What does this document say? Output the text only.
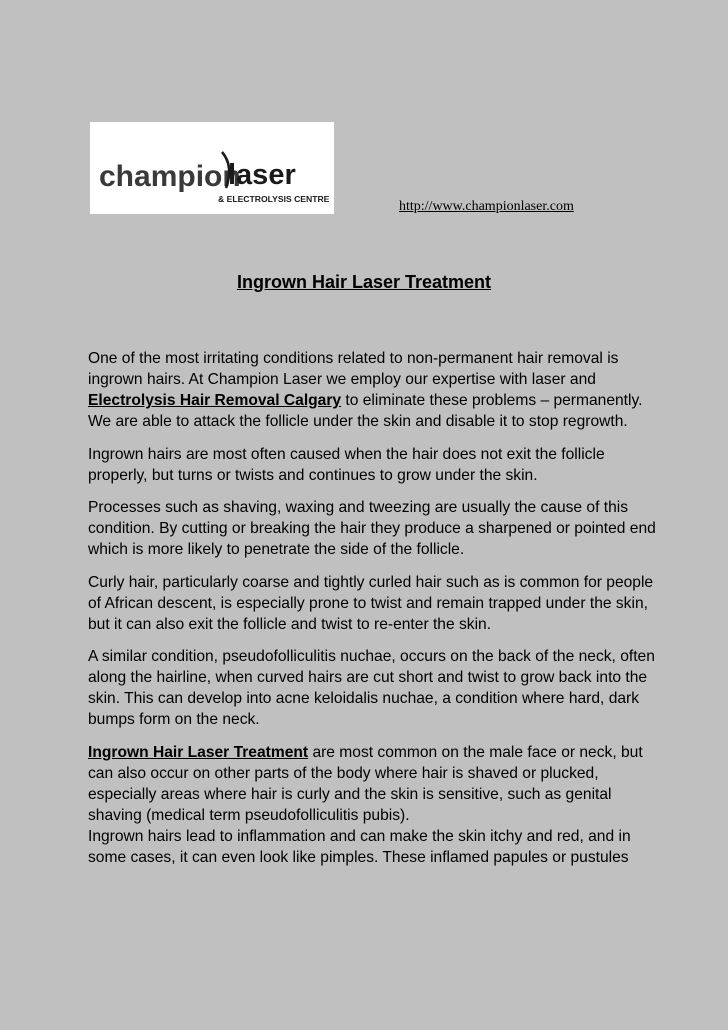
champion
laser
& ELECTROLYSIS CENTRE	http://www.championlaser.com
Ingrown Hair Laser Treatment

One of the most irritating conditions related to non-permanent hair removal is ingrown hairs. At Champion Laser we employ our expertise with laser and Electrolysis Hair Removal Calgary to eliminate these problems – permanently. We are able to attack the follicle under the skin and disable it to stop regrowth.

Ingrown hairs are most often caused when the hair does not exit the follicle properly, but turns or twists and continues to grow under the skin.

Processes such as shaving, waxing and tweezing are usually the cause of this condition. By cutting or breaking the hair they produce a sharpened or pointed end which is more likely to penetrate the side of the follicle.

Curly hair, particularly coarse and tightly curled hair such as is common for people of African descent, is especially prone to twist and remain trapped under the skin, but it can also exit the follicle and twist to re-enter the skin.

A similar condition, pseudofolliculitis nuchae, occurs on the back of the neck, often along the hairline, when curved hairs are cut short and twist to grow back into the skin. This can develop into acne keloidalis nuchae, a condition where hard, dark bumps form on the neck.

Ingrown Hair Laser Treatment are most common on the male face or neck, but can also occur on other parts of the body where hair is shaved or plucked, especially areas where hair is curly and the skin is sensitive, such as genital shaving (medical term pseudofolliculitis pubis).

Ingrown hairs lead to inflammation and can make the skin itchy and red, and in some cases, it can even look like pimples. These inflamed papules or pustules
